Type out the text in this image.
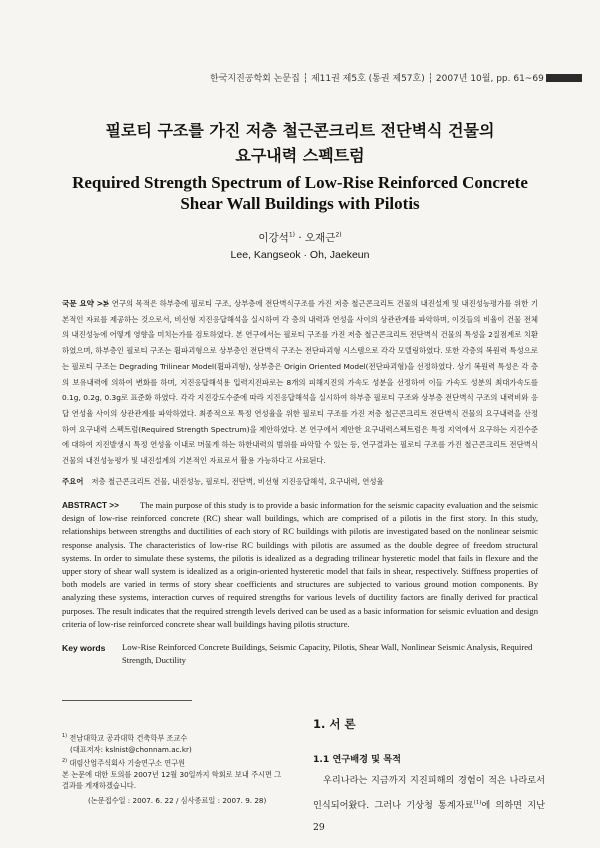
한국지진공학회 논문집 ┆ 제11권 제5호 (통권 제57호) ┆ 2007년 10월, pp. 61~69
필로티 구조를 가진 저층 철근콘크리트 전단벽식 건물의
요구내력 스펙트럼
Required Strength Spectrum of Low-Rise Reinforced Concrete
Shear Wall Buildings with Pilotis
이강석$^{1)}$ · 오재근$^{2)}$
Lee, Kangseok · Oh, Jaekeun
국문 요약 >>

본 연구의 목적은 하부층에 필로티 구조, 상부층에 전단벽식구조를 가진 저층 철근콘크리트 건물의 내진설계 및 내진성능평가를 위한 기본적인 자료를 제공하는 것으로서, 비선형 지진응답해석을 실시하여 각 층의 내력과 연성을 사이의 상관관계를 파악하며, 이것들의 비율이 건물 전체의 내진성능에 어떻게 영향을 미치는가를 검토하였다. 본 연구에서는 필로티 구조를 가진 저층 철근콘크리트 전단벽식 건물의 특성을 2질점계로 치환하였으며, 하부층인 필로티 구조는 휨파괴형으로 상부층인 전단벽식 구조는 전단파괴형 시스템으로 각각 모델링하였다. 또한 각층의 복원력 특성으로는 필로티 구조는 Degrading Trilinear Model(휨파괴형), 상부층은 Origin Oriented Model(전단파괴형)을 선정하였다. 상기 복원력 특성은 각 층의 보유내력에 의하여 변화를 하며, 지진응답해석용 입력지진파로는 8개의 피해지진의 가속도 성분을 선정하여 이들 가속도 성분의 최대가속도를 0.1g, 0.2g, 0.3g로 표준화 하였다. 각각 지진강도수준에 따라 지진응답해석을 실시하여 하부층 필로티 구조와 상부층 전단벽식 구조의 내력비와 응답 연성율 사이의 상관관계를 파악하였다. 최종적으로 특정 연성율을 위한 필로티 구조를 가진 저층 철근콘크리트 전단벽식 건물의 요구내력을 산정하여 요구내력 스펙트럼(Required Strength Spectrum)을 제안하였다. 본 연구에서 제안한 요구내력스펙트럼은 특정 지역에서 요구하는 지진수준에 대하여 지진발생시 특정 연성율 이내로 머물게 하는 하한내력의 범위를 파악할 수 있는 등, 연구결과는 필로티 구조를 가진 철근콘크리트 전단벽식 건물의 내진성능평가 및 내진설계의 기본적인 자료로서 활용 가능하다고 사료된다.

주요어 저층 철근콘크리트 건물, 내진성능, 필로티, 전단벽, 비선형 지진응답해석, 요구내력, 연성율
ABSTRACT >>	The main purpose of this study is to provide a basic information for the seismic capacity evaluation and the seismic design of low-rise reinforced concrete (RC) shear wall buildings, which are comprised of a pilotis in the first story. In this study, relationships between strengths and ductilities of each story of RC buildings with pilotis are investigated based on the nonlinear seismic response analysis. The characteristics of low-rise RC buildings with pilotis are assumed as the double degree of freedom structural systems. In order to simulate these systems, the pilotis is idealized as a degrading trilinear hysteretic model that fails in flexure and the upper story of shear wall system is idealized as a origin-oriented hysteretic model that fails in shear, respectively. Stiffness properties of both models are varied in terms of story shear coefficients and structures are subjected to various ground motion components. By analyzing these systems, interaction curves of required strengths for various levels of ductility factors are finally derived for practical purposes. The result indicates that the required strength levels derived can be used as a basic information for seismic evluation and design criteria of low-rise reinforced concrete shear wall buildings having pilotis structure.

Key words Low-Rise Reinforced Concrete Buildings, Seismic Capacity, Pilotis, Shear Wall, Nonlinear Seismic Analysis, Required Strength, Ductility

$^{1)}$ 전남대학교 공과대학 건축학부 조교수

(대표저자: kslnist@chonnam.ac.kr)

$^{2)}$ 대림산업주식회사 기술연구소 연구원

본 논문에 대한 토의를 2007년 12월 30일까지 학회로 보내 주시면 그 결과를 게재하겠습니다.

(논문접수일 : 2007. 6. 22 / 심사종료일 : 2007. 9. 28)

1. 서 론
1.1 연구배경 및 목적

우리나라는 지금까지 지진피해의 경험이 적은 나라로서 인식되어왔다. 그러나 기상청 통계자료$^{(1)}$에 의하면 지난 29
